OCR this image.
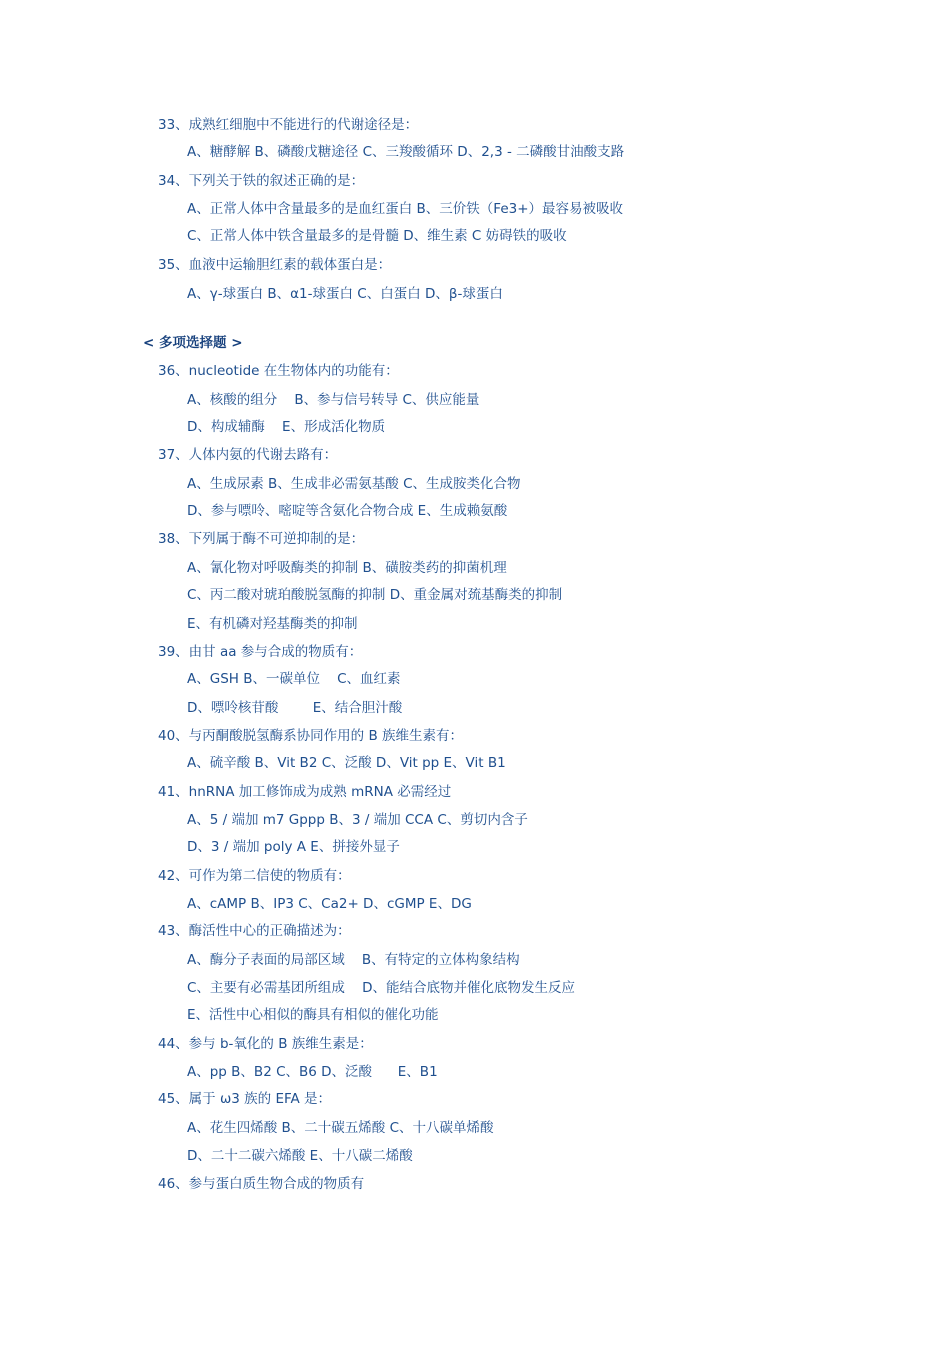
33、成熟红细胞中不能进行的代谢途径是：
A、糖酵解 B、磷酸戊糖途径 C、三羧酸循环 D、2,3 - 二磷酸甘油酸支路
34、下列关于铁的叙述正确的是：
A、正常人体中含量最多的是血红蛋白 B、三价铁（Fe3+）最容易被吸收
C、正常人体中铁含量最多的是骨髓 D、维生素 C 妨碍铁的吸收
35、血液中运输胆红素的载体蛋白是：
A、γ-球蛋白 B、α1-球蛋白 C、白蛋白 D、β-球蛋白
< 多项选择题 >
36、nucleotide 在生物体内的功能有：
A、核酸的组分    B、参与信号转导 C、供应能量
D、构成辅酶    E、形成活化物质
37、人体内氨的代谢去路有：
A、生成尿素 B、生成非必需氨基酸 C、生成胺类化合物
D、参与嘌呤、嘧啶等含氨化合物合成 E、生成赖氨酸
38、下列属于酶不可逆抑制的是：
A、氰化物对呼吸酶类的抑制 B、磺胺类药的抑菌机理
C、丙二酸对琥珀酸脱氢酶的抑制 D、重金属对巯基酶类的抑制
E、有机磷对羟基酶类的抑制
39、由甘 aa 参与合成的物质有：
A、GSH B、一碳单位    C、血红素
D、嘌呤核苷酸        E、结合胆汁酸
40、与丙酮酸脱氢酶系协同作用的 B 族维生素有：
A、硫辛酸 B、Vit B2 C、泛酸 D、Vit pp E、Vit B1
41、hnRNA 加工修饰成为成熟 mRNA 必需经过
A、5 / 端加 m7 Gppp B、3 / 端加 CCA C、剪切内含子
D、3 / 端加 poly A E、拼接外显子
42、可作为第二信使的物质有：
A、cAMP B、IP3 C、Ca2+ D、cGMP E、DG
43、酶活性中心的正确描述为：
A、酶分子表面的局部区域    B、有特定的立体构象结构
C、主要有必需基团所组成    D、能结合底物并催化底物发生反应
E、活性中心相似的酶具有相似的催化功能
44、参与 b-氧化的 B 族维生素是：
A、pp B、B2 C、B6 D、泛酸      E、B1
45、属于 ω3 族的 EFA 是：
A、花生四烯酸 B、二十碳五烯酸 C、十八碳单烯酸
D、二十二碳六烯酸 E、十八碳二烯酸
46、参与蛋白质生物合成的物质有
